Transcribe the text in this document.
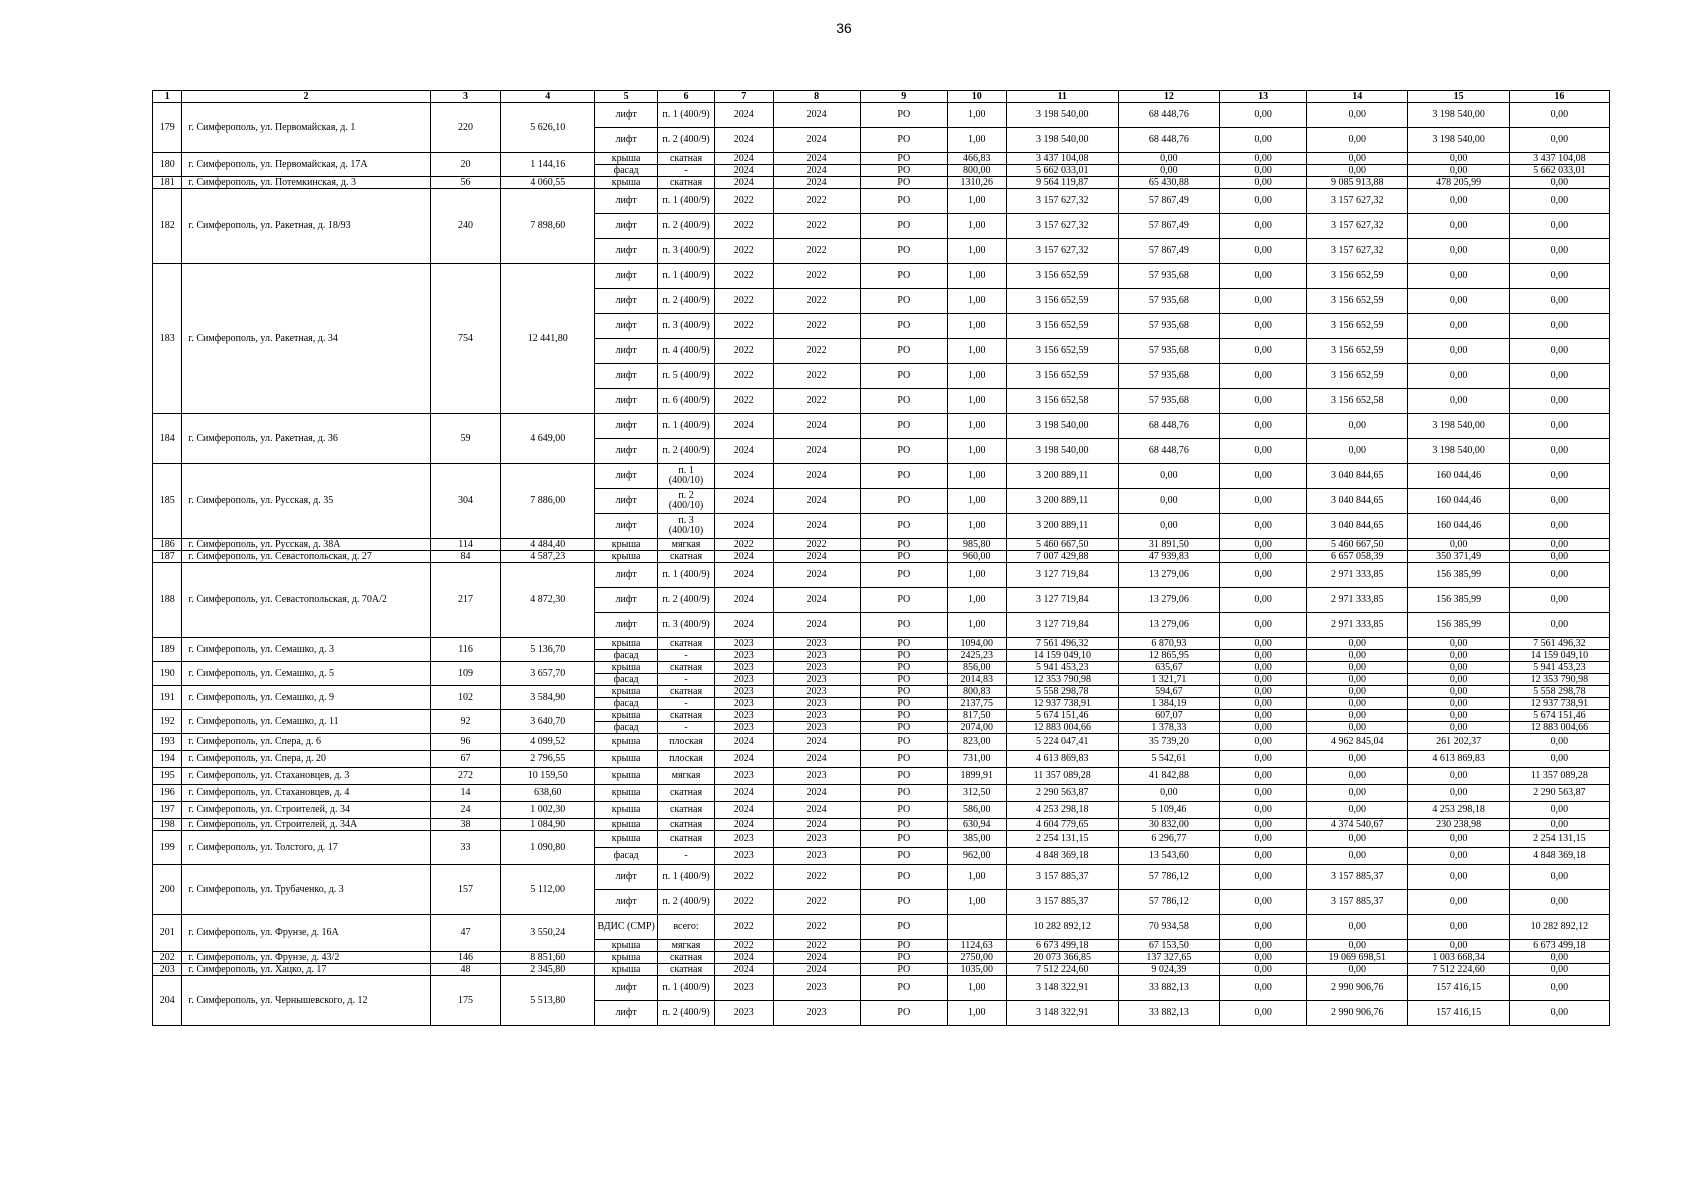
36
1	2	3	4	5	6	7	8	9	10	11	12	13	14	15	16
179	г. Симферополь, ул. Первомайская, д. 1	220	5 626,10	лифт	п. 1 (400/9)	2024	2024	РО	1,00	3 198 540,00	68 448,76	0,00	0,00	3 198 540,00	0,00
				лифт	п. 2 (400/9)	2024	2024	РО	1,00	3 198 540,00	68 448,76	0,00	0,00	3 198 540,00	0,00
180	г. Симферополь, ул. Первомайская, д. 17А	20	1 144,16	крыша	скатная	2024	2024	РО	466,83	3 437 104,08	0,00	0,00	0,00	0,00	3 437 104,08
				фасад	-	2024	2024	РО	800,00	5 662 033,01	0,00	0,00	0,00	0,00	5 662 033,01
181	г. Симферополь, ул. Потемкинская, д. 3	56	4 060,55	крыша	скатная	2024	2024	РО	1310,26	9 564 119,87	65 430,88	0,00	9 085 913,88	478 205,99	0,00
182	г. Симферополь, ул. Ракетная, д. 18/93	240	7 898,60	лифт	п. 1 (400/9)	2022	2022	РО	1,00	3 157 627,32	57 867,49	0,00	3 157 627,32	0,00	0,00
				лифт	п. 2 (400/9)	2022	2022	РО	1,00	3 157 627,32	57 867,49	0,00	3 157 627,32	0,00	0,00
				лифт	п. 3 (400/9)	2022	2022	РО	1,00	3 157 627,32	57 867,49	0,00	3 157 627,32	0,00	0,00
183	г. Симферополь, ул. Ракетная, д. 34	754	12 441,80	лифт	п. 1 (400/9)	2022	2022	РО	1,00	3 156 652,59	57 935,68	0,00	3 156 652,59	0,00	0,00
				лифт	п. 2 (400/9)	2022	2022	РО	1,00	3 156 652,59	57 935,68	0,00	3 156 652,59	0,00	0,00
				лифт	п. 3 (400/9)	2022	2022	РО	1,00	3 156 652,59	57 935,68	0,00	3 156 652,59	0,00	0,00
				лифт	п. 4 (400/9)	2022	2022	РО	1,00	3 156 652,59	57 935,68	0,00	3 156 652,59	0,00	0,00
				лифт	п. 5 (400/9)	2022	2022	РО	1,00	3 156 652,59	57 935,68	0,00	3 156 652,59	0,00	0,00
				лифт	п. 6 (400/9)	2022	2022	РО	1,00	3 156 652,58	57 935,68	0,00	3 156 652,58	0,00	0,00
184	г. Симферополь, ул. Ракетная, д. 36	59	4 649,00	лифт	п. 1 (400/9)	2024	2024	РО	1,00	3 198 540,00	68 448,76	0,00	0,00	3 198 540,00	0,00
				лифт	п. 2 (400/9)	2024	2024	РО	1,00	3 198 540,00	68 448,76	0,00	0,00	3 198 540,00	0,00
185	г. Симферополь, ул. Русская, д. 35	304	7 886,00	лифт	п. 1 (400/10)	2024	2024	РО	1,00	3 200 889,11	0,00	0,00	3 040 844,65	160 044,46	0,00
				лифт	п. 2 (400/10)	2024	2024	РО	1,00	3 200 889,11	0,00	0,00	3 040 844,65	160 044,46	0,00
				лифт	п. 3 (400/10)	2024	2024	РО	1,00	3 200 889,11	0,00	0,00	3 040 844,65	160 044,46	0,00
186	г. Симферополь, ул. Русская, д. 38А	114	4 484,40	крыша	мягкая	2022	2022	РО	985,80	5 460 667,50	31 891,50	0,00	5 460 667,50	0,00	0,00
187	г. Симферополь, ул. Севастопольская, д. 27	84	4 587,23	крыша	скатная	2024	2024	РО	960,00	7 007 429,88	47 939,83	0,00	6 657 058,39	350 371,49	0,00
188	г. Симферополь, ул. Севастопольская, д. 70А/2	217	4 872,30	лифт	п. 1 (400/9)	2024	2024	РО	1,00	3 127 719,84	13 279,06	0,00	2 971 333,85	156 385,99	0,00
				лифт	п. 2 (400/9)	2024	2024	РО	1,00	3 127 719,84	13 279,06	0,00	2 971 333,85	156 385,99	0,00
				лифт	п. 3 (400/9)	2024	2024	РО	1,00	3 127 719,84	13 279,06	0,00	2 971 333,85	156 385,99	0,00
189	г. Симферополь, ул. Семашко, д. 3	116	5 136,70	крыша	скатная	2023	2023	РО	1094,00	7 561 496,32	6 870,93	0,00	0,00	0,00	7 561 496,32
				фасад	-	2023	2023	РО	2425,23	14 159 049,10	12 865,95	0,00	0,00	0,00	14 159 049,10
190	г. Симферополь, ул. Семашко, д. 5	109	3 657,70	крыша	скатная	2023	2023	РО	856,00	5 941 453,23	635,67	0,00	0,00	0,00	5 941 453,23
				фасад	-	2023	2023	РО	2014,83	12 353 790,98	1 321,71	0,00	0,00	0,00	12 353 790,98
191	г. Симферополь, ул. Семашко, д. 9	102	3 584,90	крыша	скатная	2023	2023	РО	800,83	5 558 298,78	594,67	0,00	0,00	0,00	5 558 298,78
				фасад	-	2023	2023	РО	2137,75	12 937 738,91	1 384,19	0,00	0,00	0,00	12 937 738,91
192	г. Симферополь, ул. Семашко, д. 11	92	3 640,70	крыша	скатная	2023	2023	РО	817,50	5 674 151,46	607,07	0,00	0,00	0,00	5 674 151,46
				фасад	-	2023	2023	РО	2074,00	12 883 004,66	1 378,33	0,00	0,00	0,00	12 883 004,66
193	г. Симферополь, ул. Спера, д. 6	96	4 099,52	крыша	плоская	2024	2024	РО	823,00	5 224 047,41	35 739,20	0,00	4 962 845,04	261 202,37	0,00
194	г. Симферополь, ул. Спера, д. 20	67	2 796,55	крыша	плоская	2024	2024	РО	731,00	4 613 869,83	5 542,61	0,00	0,00	4 613 869,83	0,00
195	г. Симферополь, ул. Стахановцев, д. 3	272	10 159,50	крыша	мягкая	2023	2023	РО	1899,91	11 357 089,28	41 842,88	0,00	0,00	0,00	11 357 089,28
196	г. Симферополь, ул. Стахановцев, д. 4	14	638,60	крыша	скатная	2024	2024	РО	312,50	2 290 563,87	0,00	0,00	0,00	0,00	2 290 563,87
197	г. Симферополь, ул. Строителей, д. 34	24	1 002,30	крыша	скатная	2024	2024	РО	586,00	4 253 298,18	5 109,46	0,00	0,00	4 253 298,18	0,00
198	г. Симферополь, ул. Строителей, д. 34А	38	1 084,90	крыша	скатная	2024	2024	РО	630,94	4 604 779,65	30 832,00	0,00	4 374 540,67	230 238,98	0,00
199	г. Симферополь, ул. Толстого, д. 17	33	1 090,80	крыша	скатная	2023	2023	РО	385,00	2 254 131,15	6 296,77	0,00	0,00	0,00	2 254 131,15
				фасад	-	2023	2023	РО	962,00	4 848 369,18	13 543,60	0,00	0,00	0,00	4 848 369,18
200	г. Симферополь, ул. Трубаченко, д. 3	157	5 112,00	лифт	п. 1 (400/9)	2022	2022	РО	1,00	3 157 885,37	57 786,12	0,00	3 157 885,37	0,00	0,00
				лифт	п. 2 (400/9)	2022	2022	РО	1,00	3 157 885,37	57 786,12	0,00	3 157 885,37	0,00	0,00
201	г. Симферополь, ул. Фрунзе, д. 16А	47	3 550,24	ВДИС (СМР)	всего:	2022	2022	РО		10 282 892,12	70 934,58	0,00	0,00	0,00	10 282 892,12
				крыша	мягкая	2022	2022	РО	1124,63	6 673 499,18	67 153,50	0,00	0,00	0,00	6 673 499,18
202	г. Симферополь, ул. Фрунзе, д. 43/2	146	8 851,60	крыша	скатная	2024	2024	РО	2750,00	20 073 366,85	137 327,65	0,00	19 069 698,51	1 003 668,34	0,00
203	г. Симферополь, ул. Хацко, д. 17	48	2 345,80	крыша	скатная	2024	2024	РО	1035,00	7 512 224,60	9 024,39	0,00	0,00	7 512 224,60	0,00
204	г. Симферополь, ул. Чернышевского, д. 12	175	5 513,80	лифт	п. 1 (400/9)	2023	2023	РО	1,00	3 148 322,91	33 882,13	0,00	2 990 906,76	157 416,15	0,00
				лифт	п. 2 (400/9)	2023	2023	РО	1,00	3 148 322,91	33 882,13	0,00	2 990 906,76	157 416,15	0,00
